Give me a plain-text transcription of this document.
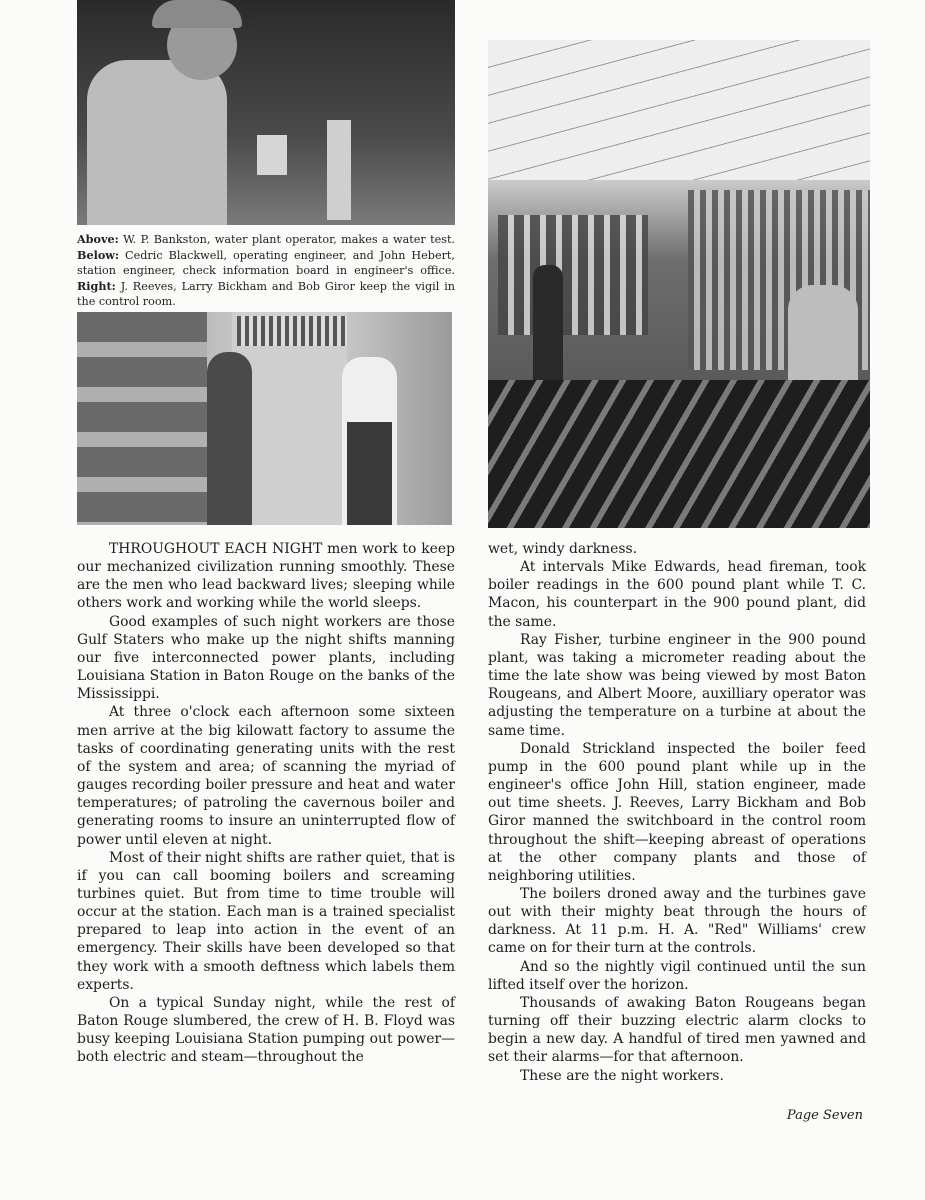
Above: W. P. Bankston, water plant operator, makes a water test. Below: Cedric Blackwell, operating engineer, and John Hebert, station engineer, check information board in engineer's office. Right: J. Reeves, Larry Bickham and Bob Giror keep the vigil in the control room.

THROUGHOUT EACH NIGHT men work to keep our mechanized civilization running smoothly. These are the men who lead backward lives; sleeping while others work and working while the world sleeps.

Good examples of such night workers are those Gulf Staters who make up the night shifts manning our five interconnected power plants, including Louisiana Station in Baton Rouge on the banks of the Mississippi.

At three o'clock each afternoon some sixteen men arrive at the big kilowatt factory to assume the tasks of coordinating generating units with the rest of the system and area; of scanning the myriad of gauges recording boiler pressure and heat and water temperatures; of patroling the cavernous boiler and generating rooms to insure an uninterrupted flow of power until eleven at night.

Most of their night shifts are rather quiet, that is if you can call booming boilers and screaming turbines quiet. But from time to time trouble will occur at the station. Each man is a trained specialist prepared to leap into action in the event of an emergency. Their skills have been developed so that they work with a smooth deftness which labels them experts.

On a typical Sunday night, while the rest of Baton Rouge slumbered, the crew of H. B. Floyd was busy keeping Louisiana Station pumping out power—both electric and steam—throughout the

wet, windy darkness.

At intervals Mike Edwards, head fireman, took boiler readings in the 600 pound plant while T. C. Macon, his counterpart in the 900 pound plant, did the same.

Ray Fisher, turbine engineer in the 900 pound plant, was taking a micrometer reading about the time the late show was being viewed by most Baton Rougeans, and Albert Moore, auxilliary operator was adjusting the temperature on a turbine at about the same time.

Donald Strickland inspected the boiler feed pump in the 600 pound plant while up in the engineer's office John Hill, station engineer, made out time sheets. J. Reeves, Larry Bickham and Bob Giror manned the switchboard in the control room throughout the shift—keeping abreast of operations at the other company plants and those of neighboring utilities.

The boilers droned away and the turbines gave out with their mighty beat through the hours of darkness. At 11 p.m. H. A. "Red" Williams' crew came on for their turn at the controls.

And so the nightly vigil continued until the sun lifted itself over the horizon.

Thousands of awaking Baton Rougeans began turning off their buzzing electric alarm clocks to begin a new day. A handful of tired men yawned and set their alarms—for that afternoon.

These are the night workers.

Page Seven
